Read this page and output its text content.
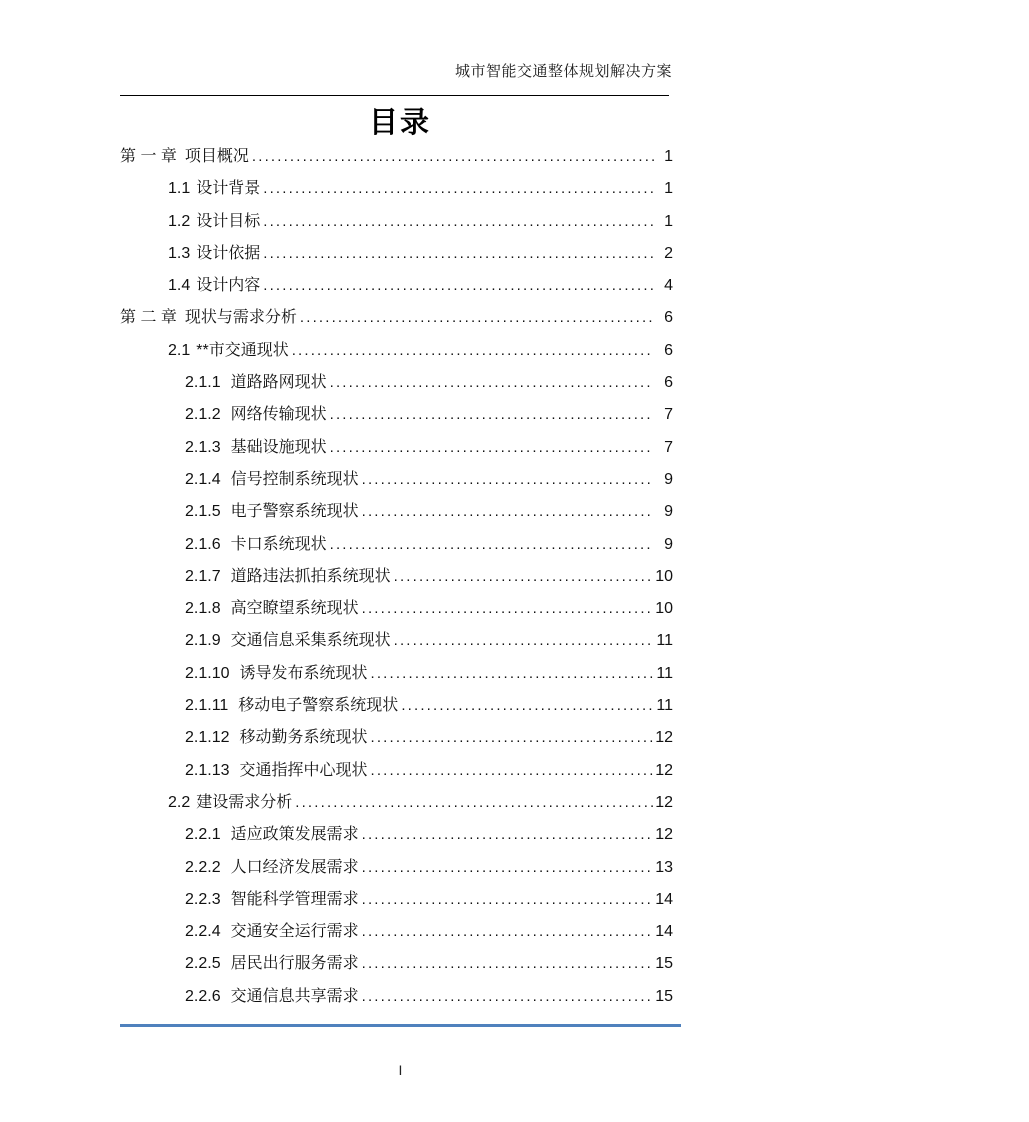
城市智能交通整体规划解决方案
目录
第 一 章 项目概况 . . .	1
1.1 设计背景 . . .	1
1.2 设计目标 . . .	1
1.3 设计依据 . . .	2
1.4 设计内容 . . .	4
第 二 章 现状与需求分析 . . .	6
2.1 **市交通现状 . . .	6
2.1.1 道路路网现状 . . .	6
2.1.2 网络传输现状 . . .	7
2.1.3 基础设施现状 . . .	7
2.1.4 信号控制系统现状 . . .	9
2.1.5 电子警察系统现状 . . .	9
2.1.6 卡口系统现状 . . .	9
2.1.7 道路违法抓拍系统现状 . . .	10
2.1.8 高空瞭望系统现状 . . .	10
2.1.9 交通信息采集系统现状 . . .	11
2.1.10 诱导发布系统现状 . . .	11
2.1.11 移动电子警察系统现状 . . .	11
2.1.12 移动勤务系统现状 . . .	12
2.1.13 交通指挥中心现状 . . .	12
2.2 建设需求分析 . . .	12
2.2.1 适应政策发展需求 . . .	12
2.2.2 人口经济发展需求 . . .	13
2.2.3 智能科学管理需求 . . .	14
2.2.4 交通安全运行需求 . . .	14
2.2.5 居民出行服务需求 . . .	15
2.2.6 交通信息共享需求 . . .	15
I
